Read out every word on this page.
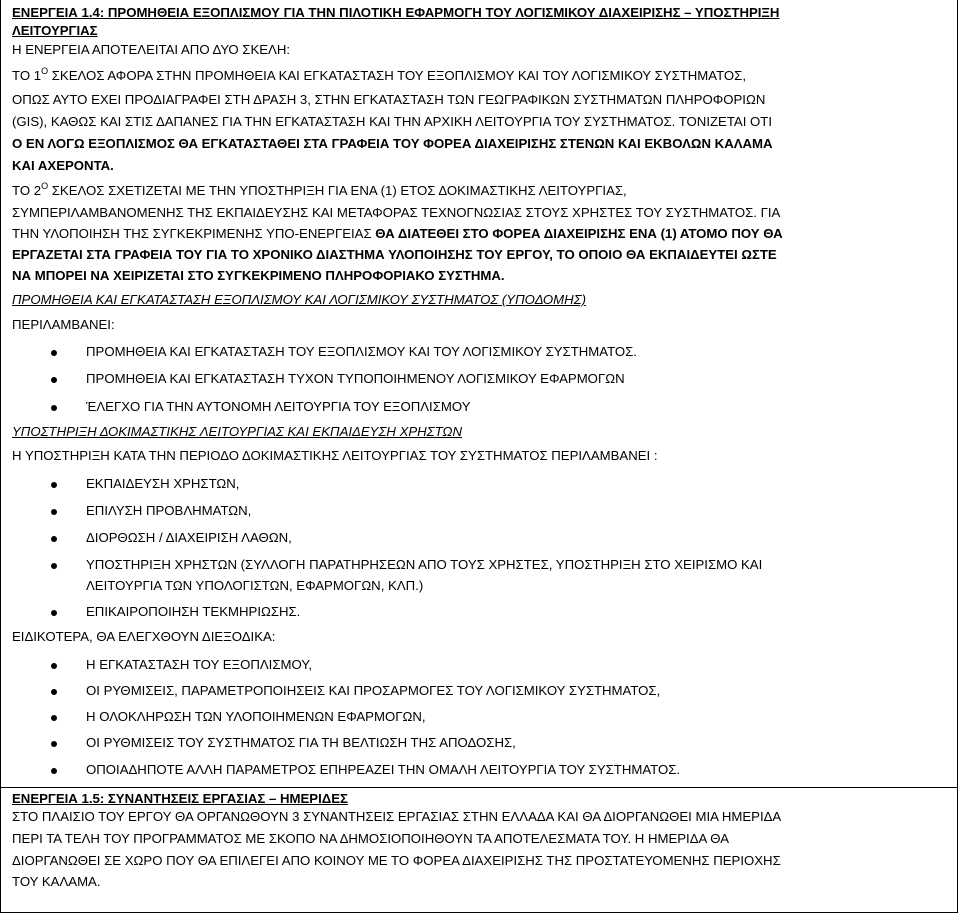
ΕΝΕΡΓΕΙΑ 1.4: ΠΡΟΜΗΘΕΙΑ ΕΞΟΠΛΙΣΜΟΥ ΓΙΑ ΤΗΝ ΠΙΛΟΤΙΚΗ ΕΦΑΡΜΟΓΗ ΤΟΥ ΛΟΓΙΣΜΙΚΟΥ ΔΙΑΧΕΙΡΙΣΗΣ – ΥΠΟΣΤΗΡΙΞΗ

ΛΕΙΤΟΥΡΓΙΑΣ

Η ΕΝΕΡΓΕΙΑ ΑΠΟΤΕΛΕΙΤΑΙ ΑΠΟ ΔΥΟ ΣΚΕΛΗ:

ΤΟ $1^O$ ΣΚΕΛΟΣ ΑΦΟΡΑ ΣΤΗΝ ΠΡΟΜΗΘΕΙΑ ΚΑΙ ΕΓΚΑΤΑΣΤΑΣΗ ΤΟΥ ΕΞΟΠΛΙΣΜΟΥ ΚΑΙ ΤΟΥ ΛΟΓΙΣΜΙΚΟΥ ΣΥΣΤΗΜΑΤΟΣ,

ΟΠΩΣ ΑΥΤΟ ΕΧΕΙ ΠΡΟΔΙΑΓΡΑΦΕΙ ΣΤΗ ΔΡΑΣΗ 3, ΣΤΗΝ ΕΓΚΑΤΑΣΤΑΣΗ ΤΩΝ ΓΕΩΓΡΑΦΙΚΩΝ ΣΥΣΤΗΜΑΤΩΝ ΠΛΗΡΟΦΟΡΙΩΝ

(GIS), ΚΑΘΩΣ ΚΑΙ ΣΤΙΣ ΔΑΠΑΝΕΣ ΓΙΑ ΤΗΝ ΕΓΚΑΤΑΣΤΑΣΗ ΚΑΙ ΤΗΝ ΑΡΧΙΚΗ ΛΕΙΤΟΥΡΓΙΑ ΤΟΥ ΣΥΣΤΗΜΑΤΟΣ. ΤΟΝΙΖΕΤΑΙ ΟΤΙ

Ο ΕΝ ΛΟΓΩ ΕΞΟΠΛΙΣΜΟΣ ΘΑ ΕΓΚΑΤΑΣΤΑΘΕΙ ΣΤΑ ΓΡΑΦΕΙΑ ΤΟΥ ΦΟΡΕΑ ΔΙΑΧΕΙΡΙΣΗΣ ΣΤΕΝΩΝ ΚΑΙ ΕΚΒΟΛΩΝ ΚΑΛΑΜΑ

ΚΑΙ ΑΧΕΡΟΝΤΑ.

ΤΟ $2^O$ ΣΚΕΛΟΣ ΣΧΕΤΙΖΕΤΑΙ ΜΕ ΤΗΝ ΥΠΟΣΤΗΡΙΞΗ ΓΙΑ ΕΝΑ (1) ΕΤΟΣ ΔΟΚΙΜΑΣΤΙΚΗΣ ΛΕΙΤΟΥΡΓΙΑΣ,

ΣΥΜΠΕΡΙΛΑΜΒΑΝΟΜΕΝΗΣ ΤΗΣ ΕΚΠΑΙΔΕΥΣΗΣ ΚΑΙ ΜΕΤΑΦΟΡΑΣ ΤΕΧΝΟΓΝΩΣΙΑΣ ΣΤΟΥΣ ΧΡΗΣΤΕΣ ΤΟΥ ΣΥΣΤΗΜΑΤΟΣ. ΓΙΑ

ΤΗΝ ΥΛΟΠΟΙΗΣΗ ΤΗΣ ΣΥΓΚΕΚΡΙΜΕΝΗΣ ΥΠΟ-ΕΝΕΡΓΕΙΑΣ ΘΑ ΔΙΑΤΕΘΕΙ ΣΤΟ ΦΟΡΕΑ ΔΙΑΧΕΙΡΙΣΗΣ ΕΝΑ (1) ΑΤΟΜΟ ΠΟΥ ΘΑ

ΕΡΓΑΖΕΤΑΙ ΣΤΑ ΓΡΑΦΕΙΑ ΤΟΥ ΓΙΑ ΤΟ ΧΡΟΝΙΚΟ ΔΙΑΣΤΗΜΑ ΥΛΟΠΟΙΗΣΗΣ ΤΟΥ ΕΡΓΟΥ, ΤΟ ΟΠΟΙΟ ΘΑ ΕΚΠΑΙΔΕΥΤΕΙ ΩΣΤΕ

ΝΑ ΜΠΟΡΕΙ ΝΑ ΧΕΙΡΙΖΕΤΑΙ ΣΤΟ ΣΥΓΚΕΚΡΙΜΕΝΟ ΠΛΗΡΟΦΟΡΙΑΚΟ ΣΥΣΤΗΜΑ.

ΠΡΟΜΗΘΕΙΑ ΚΑΙ ΕΓΚΑΤΑΣΤΑΣΗ ΕΞΟΠΛΙΣΜΟΥ ΚΑΙ ΛΟΓΙΣΜΙΚΟΥ ΣΥΣΤΗΜΑΤΟΣ (ΥΠΟΔΟΜΗΣ)

ΠΕΡΙΛΑΜΒΑΝΕΙ:

ΠΡΟΜΗΘΕΙΑ ΚΑΙ ΕΓΚΑΤΑΣΤΑΣΗ ΤΟΥ ΕΞΟΠΛΙΣΜΟΥ ΚΑΙ ΤΟΥ ΛΟΓΙΣΜΙΚΟΥ ΣΥΣΤΗΜΑΤΟΣ.
ΠΡΟΜΗΘΕΙΑ ΚΑΙ ΕΓΚΑΤΑΣΤΑΣΗ ΤΥΧΟΝ ΤΥΠΟΠΟΙΗΜΕΝΟΥ ΛΟΓΙΣΜΙΚΟΥ ΕΦΑΡΜΟΓΩΝ
ΈΛΕΓΧΟ ΓΙΑ ΤΗΝ ΑΥΤΟΝΟΜΗ ΛΕΙΤΟΥΡΓΙΑ ΤΟΥ ΕΞΟΠΛΙΣΜΟΥ

ΥΠΟΣΤΗΡΙΞΗ ΔΟΚΙΜΑΣΤΙΚΗΣ ΛΕΙΤΟΥΡΓΙΑΣ ΚΑΙ ΕΚΠΑΙΔΕΥΣΗ ΧΡΗΣΤΩΝ

Η ΥΠΟΣΤΗΡΙΞΗ ΚΑΤΑ ΤΗΝ ΠΕΡΙΟΔΟ ΔΟΚΙΜΑΣΤΙΚΗΣ ΛΕΙΤΟΥΡΓΙΑΣ ΤΟΥ ΣΥΣΤΗΜΑΤΟΣ ΠΕΡΙΛΑΜΒΑΝΕΙ :

ΕΚΠΑΙΔΕΥΣΗ ΧΡΗΣΤΩΝ,
ΕΠΙΛΥΣΗ ΠΡΟΒΛΗΜΑΤΩΝ,
ΔΙΟΡΘΩΣΗ / ΔΙΑΧΕΙΡΙΣΗ ΛΑΘΩΝ,
ΥΠΟΣΤΗΡΙΞΗ ΧΡΗΣΤΩΝ (ΣΥΛΛΟΓΗ ΠΑΡΑΤΗΡΗΣΕΩΝ ΑΠΟ ΤΟΥΣ ΧΡΗΣΤΕΣ, ΥΠΟΣΤΗΡΙΞΗ ΣΤΟ ΧΕΙΡΙΣΜΟ ΚΑΙ
ΛΕΙΤΟΥΡΓΙΑ ΤΩΝ ΥΠΟΛΟΓΙΣΤΩΝ, ΕΦΑΡΜΟΓΩΝ, ΚΛΠ.)
ΕΠΙΚΑΙΡΟΠΟΙΗΣΗ ΤΕΚΜΗΡΙΩΣΗΣ.

ΕΙΔΙΚΟΤΕΡΑ, ΘΑ ΕΛΕΓΧΘΟΥΝ ΔΙΕΞΟΔΙΚΑ:

Η ΕΓΚΑΤΑΣΤΑΣΗ ΤΟΥ ΕΞΟΠΛΙΣΜΟΥ,
ΟΙ ΡΥΘΜΙΣΕΙΣ, ΠΑΡΑΜΕΤΡΟΠΟΙΗΣΕΙΣ ΚΑΙ ΠΡΟΣΑΡΜΟΓΕΣ ΤΟΥ ΛΟΓΙΣΜΙΚΟΥ ΣΥΣΤΗΜΑΤΟΣ,
Η ΟΛΟΚΛΗΡΩΣΗ ΤΩΝ ΥΛΟΠΟΙΗΜΕΝΩΝ ΕΦΑΡΜΟΓΩΝ,
ΟΙ ΡΥΘΜΙΣΕΙΣ ΤΟΥ ΣΥΣΤΗΜΑΤΟΣ ΓΙΑ ΤΗ ΒΕΛΤΙΩΣΗ ΤΗΣ ΑΠΟΔΟΣΗΣ,
ΟΠΟΙΑΔΗΠΟΤΕ ΑΛΛΗ ΠΑΡΑΜΕΤΡΟΣ ΕΠΗΡΕΑΖΕΙ ΤΗΝ ΟΜΑΛΗ ΛΕΙΤΟΥΡΓΙΑ ΤΟΥ ΣΥΣΤΗΜΑΤΟΣ.

ΕΝΕΡΓΕΙΑ 1.5: ΣΥΝΑΝΤΗΣΕΙΣ ΕΡΓΑΣΙΑΣ – ΗΜΕΡΙΔΕΣ

ΣΤΟ ΠΛΑΙΣΙΟ ΤΟΥ ΕΡΓΟΥ ΘΑ ΟΡΓΑΝΩΘΟΥΝ 3 ΣΥΝΑΝΤΗΣΕΙΣ ΕΡΓΑΣΙΑΣ ΣΤΗΝ ΕΛΛΑΔΑ ΚΑΙ ΘΑ ΔΙΟΡΓΑΝΩΘΕΙ ΜΙΑ ΗΜΕΡΙΔΑ

ΠΕΡΙ ΤΑ ΤΕΛΗ ΤΟΥ ΠΡΟΓΡΑΜΜΑΤΟΣ ΜΕ ΣΚΟΠΟ ΝΑ ΔΗΜΟΣΙΟΠΟΙΗΘΟΥΝ ΤΑ ΑΠΟΤΕΛΕΣΜΑΤΑ ΤΟΥ. Η ΗΜΕΡΙΔΑ ΘΑ

ΔΙΟΡΓΑΝΩΘΕΙ ΣΕ ΧΩΡΟ ΠΟΥ ΘΑ ΕΠΙΛΕΓΕΙ ΑΠΟ ΚΟΙΝΟΥ ΜΕ ΤΟ ΦΟΡΕΑ ΔΙΑΧΕΙΡΙΣΗΣ ΤΗΣ ΠΡΟΣΤΑΤΕΥΟΜΕΝΗΣ ΠΕΡΙΟΧΗΣ

ΤΟΥ ΚΑΛΑΜΑ.
